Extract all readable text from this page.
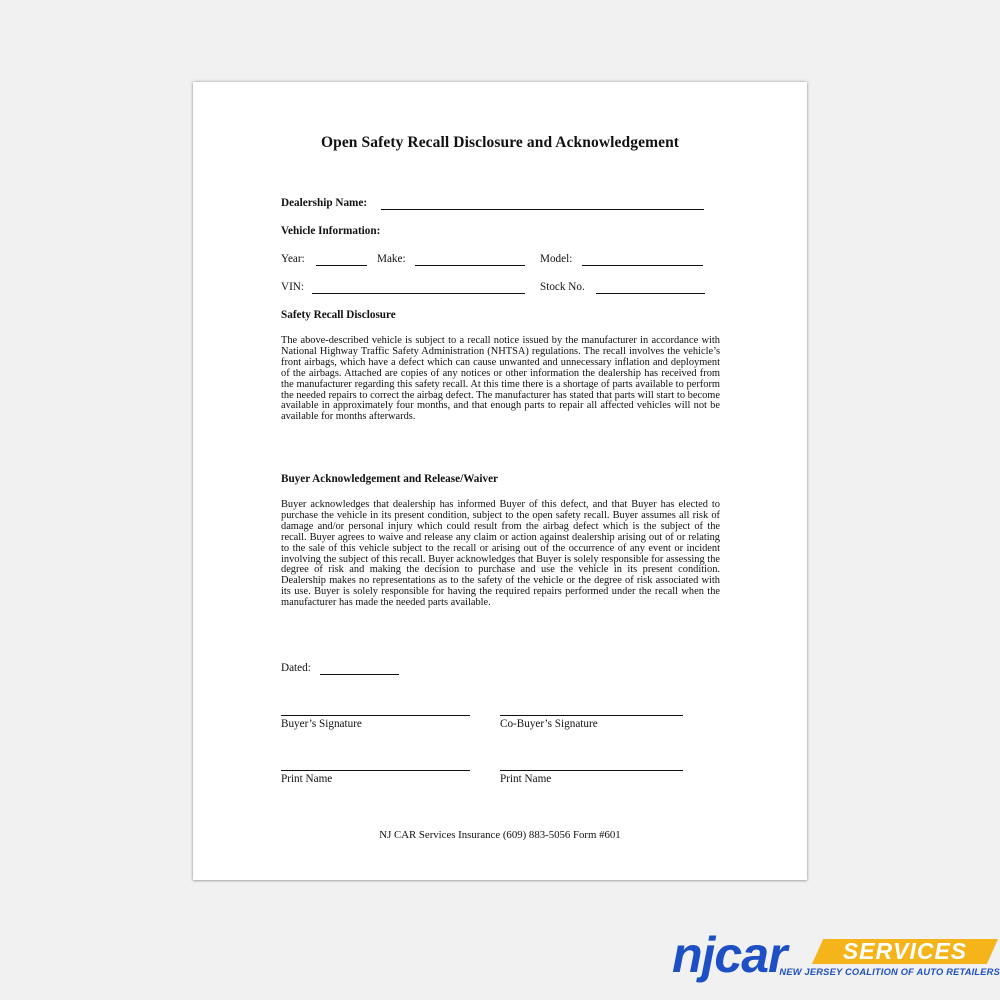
Open Safety Recall Disclosure and Acknowledgement
Dealership Name:
Vehicle Information:
Year:	Make:	Model:
VIN:	Stock No.
Safety Recall Disclosure
The above-described vehicle is subject to a recall notice issued by the manufacturer in accordance with National Highway Traffic Safety Administration (NHTSA) regulations. The recall involves the vehicle’s front airbags, which have a defect which can cause unwanted and unnecessary inflation and deployment of the airbags. Attached are copies of any notices or other information the dealership has received from the manufacturer regarding this safety recall. At this time there is a shortage of parts available to perform the needed repairs to correct the airbag defect. The manufacturer has stated that parts will start to become available in approximately four months, and that enough parts to repair all affected vehicles will not be available for months afterwards.
Buyer Acknowledgement and Release/Waiver
Buyer acknowledges that dealership has informed Buyer of this defect, and that Buyer has elected to purchase the vehicle in its present condition, subject to the open safety recall. Buyer assumes all risk of damage and/or personal injury which could result from the airbag defect which is the subject of the recall. Buyer agrees to waive and release any claim or action against dealership arising out of or relating to the sale of this vehicle subject to the recall or arising out of the occurrence of any event or incident involving the subject of this recall. Buyer acknowledges that Buyer is solely responsible for assessing the degree of risk and making the decision to purchase and use the vehicle in its present condition. Dealership makes no representations as to the safety of the vehicle or the degree of risk associated with its use. Buyer is solely responsible for having the required repairs performed under the recall when the manufacturer has made the needed parts available.
Dated:
Buyer’s Signature	Co-Buyer’s Signature
Print Name	Print Name
NJ CAR Services Insurance (609) 883-5056 Form #601
njcar	SERVICES
NEW JERSEY COALITION OF AUTO RETAILERS
